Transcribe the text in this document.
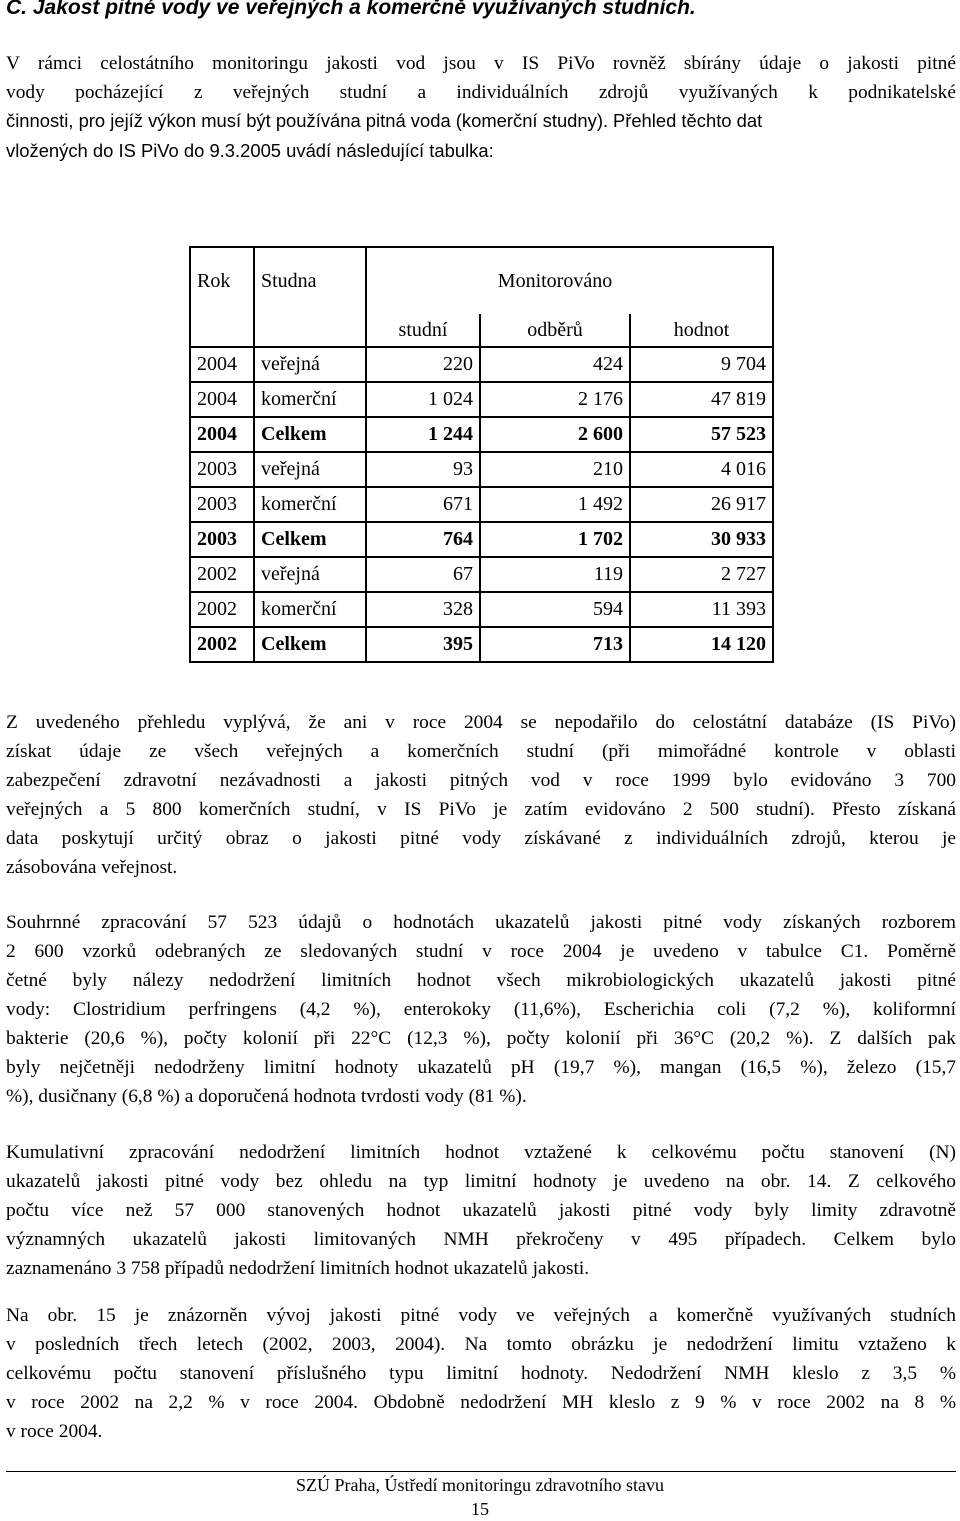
C. Jakost pitné vody ve veřejných a komerčně využívaných studních.
V rámci celostátního monitoringu jakosti vod jsou v IS PiVo rovněž sbírány údaje o jakosti pitné
vody pocházející z veřejných studní a individuálních zdrojů využívaných k podnikatelské
činnosti, pro jejíž výkon musí být používána pitná voda (komerční studny). Přehled těchto dat
vložených do IS PiVo do 9.3.2005 uvádí následující tabulka:
Rok	Studna		Monitorováno	
		studní	odběrů	hodnot
2004	veřejná	220	424	9 704
2004	komerční	1 024	2 176	47 819
2004	Celkem	1 244	2 600	57 523
2003	veřejná	93	210	4 016
2003	komerční	671	1 492	26 917
2003	Celkem	764	1 702	30 933
2002	veřejná	67	119	2 727
2002	komerční	328	594	11 393
2002	Celkem	395	713	14 120
Z uvedeného přehledu vyplývá, že ani v roce 2004 se nepodařilo do celostátní databáze (IS PiVo)
získat údaje ze všech veřejných a komerčních studní (při mimořádné kontrole v oblasti
zabezpečení zdravotní nezávadnosti a jakosti pitných vod v roce 1999 bylo evidováno 3 700
veřejných a 5 800 komerčních studní, v IS PiVo je zatím evidováno 2 500 studní). Přesto získaná
data poskytují určitý obraz o jakosti pitné vody získávané z individuálních zdrojů, kterou je
zásobována veřejnost.
Souhrnné zpracování 57 523 údajů o hodnotách ukazatelů jakosti pitné vody získaných rozborem
2 600 vzorků odebraných ze sledovaných studní v roce 2004 je uvedeno v tabulce C1. Poměrně
četné byly nálezy nedodržení limitních hodnot všech mikrobiologických ukazatelů jakosti pitné
vody: Clostridium perfringens (4,2 %), enterokoky (11,6%), Escherichia coli (7,2 %), koliformní
bakterie (20,6 %), počty kolonií při 22°C (12,3 %), počty kolonií při 36°C (20,2 %). Z dalších pak
byly nejčetněji nedodrženy limitní hodnoty ukazatelů pH (19,7 %), mangan (16,5 %), železo (15,7
%), dusičnany (6,8 %) a doporučená hodnota tvrdosti vody (81 %).
Kumulativní zpracování nedodržení limitních hodnot vztažené k celkovému počtu stanovení (N)
ukazatelů jakosti pitné vody bez ohledu na typ limitní hodnoty je uvedeno na obr. 14. Z celkového
počtu více než 57 000 stanovených hodnot ukazatelů jakosti pitné vody byly limity zdravotně
významných ukazatelů jakosti limitovaných NMH překročeny v 495 případech. Celkem bylo
zaznamenáno 3 758 případů nedodržení limitních hodnot ukazatelů jakosti.
Na obr. 15 je znázorněn vývoj jakosti pitné vody ve veřejných a komerčně využívaných studních
v posledních třech letech (2002, 2003, 2004). Na tomto obrázku je nedodržení limitu vztaženo k
celkovému počtu stanovení příslušného typu limitní hodnoty. Nedodržení NMH kleslo z 3,5 %
v roce 2002 na 2,2 % v roce 2004. Obdobně nedodržení MH kleslo z 9 % v roce 2002 na 8 %
v roce 2004.
SZÚ Praha, Ústředí monitoringu zdravotního stavu
15
